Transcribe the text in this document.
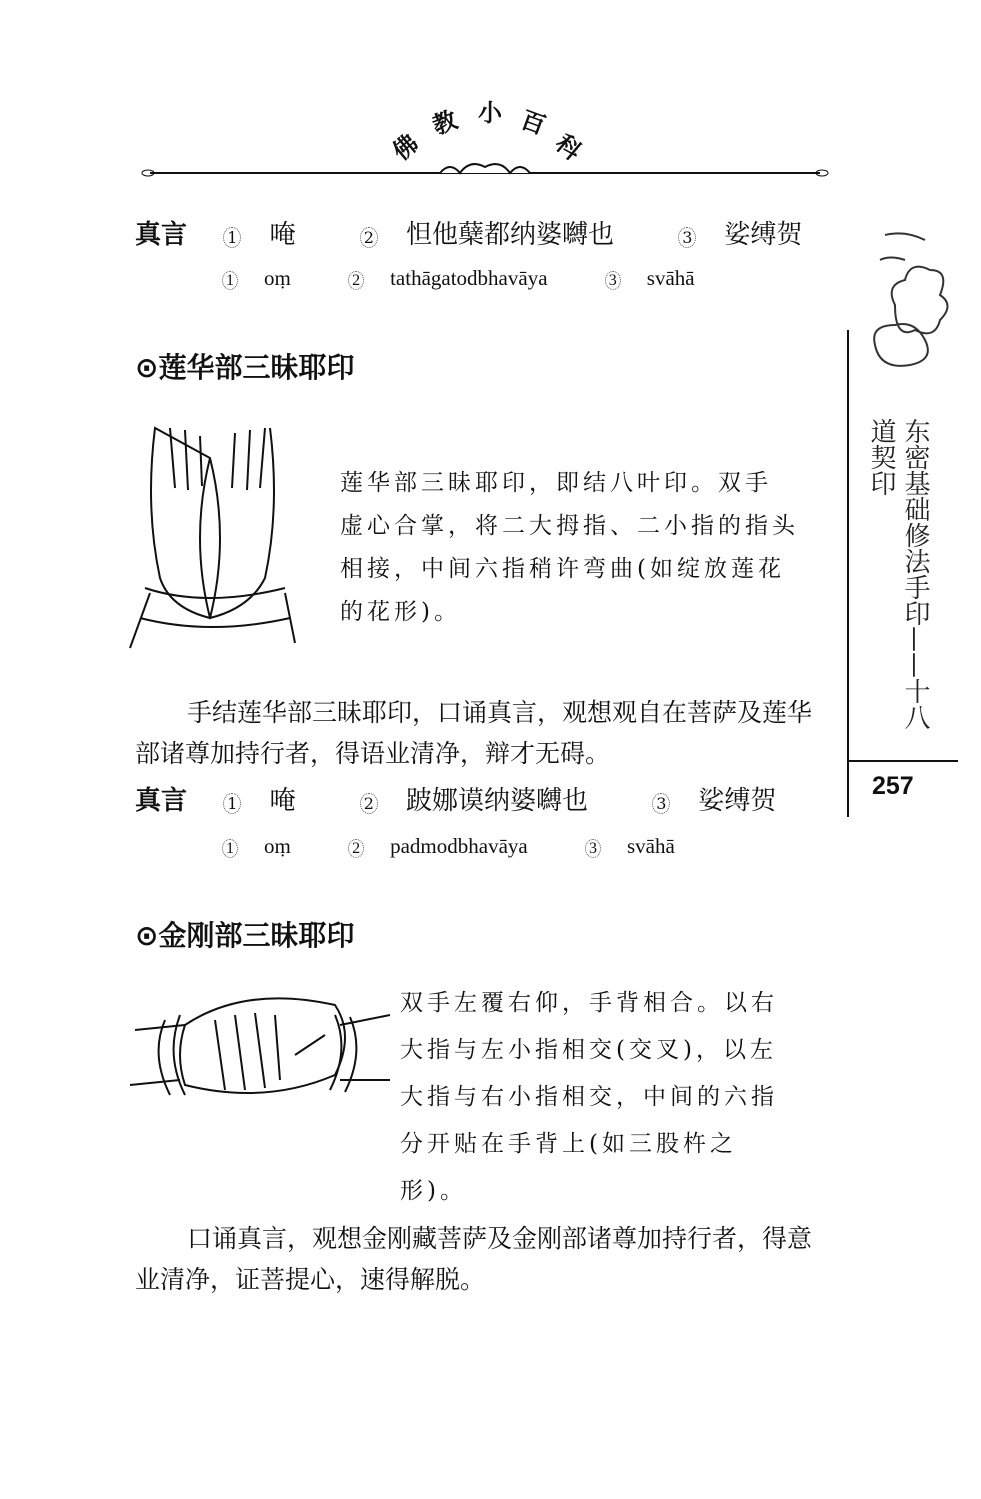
佛
教 小 百
科
真言	1 唵	2 怛他蘖都纳婆嚩也	3 娑缚贺
1 oṃ	2 tathāgatodbhavāya	3 svāhā
⊙莲华部三昧耶印
莲华部三昧耶印，即结八叶印。双手
虚心合掌，将二大拇指、二小指的指头
相接，中间六指稍许弯曲(如绽放莲花
的花形)。
手结莲华部三昧耶印，口诵真言，观想观自在菩萨及莲华部诸尊加持行者，得语业清净，辩才无碍。
真言	1 唵	2 跛娜谟纳婆嚩也	3 娑缚贺
1 oṃ	2 padmodbhavāya	3 svāhā
⊙金刚部三昧耶印
双手左覆右仰，手背相合。以右
大指与左小指相交(交叉)，以左
大指与右小指相交，中间的六指
分开贴在手背上(如三股杵之
形)。
口诵真言，观想金刚藏菩萨及金刚部诸尊加持行者，得意业清净，证菩提心，速得解脱。
东密基础修法手印——十八
道契印
257
